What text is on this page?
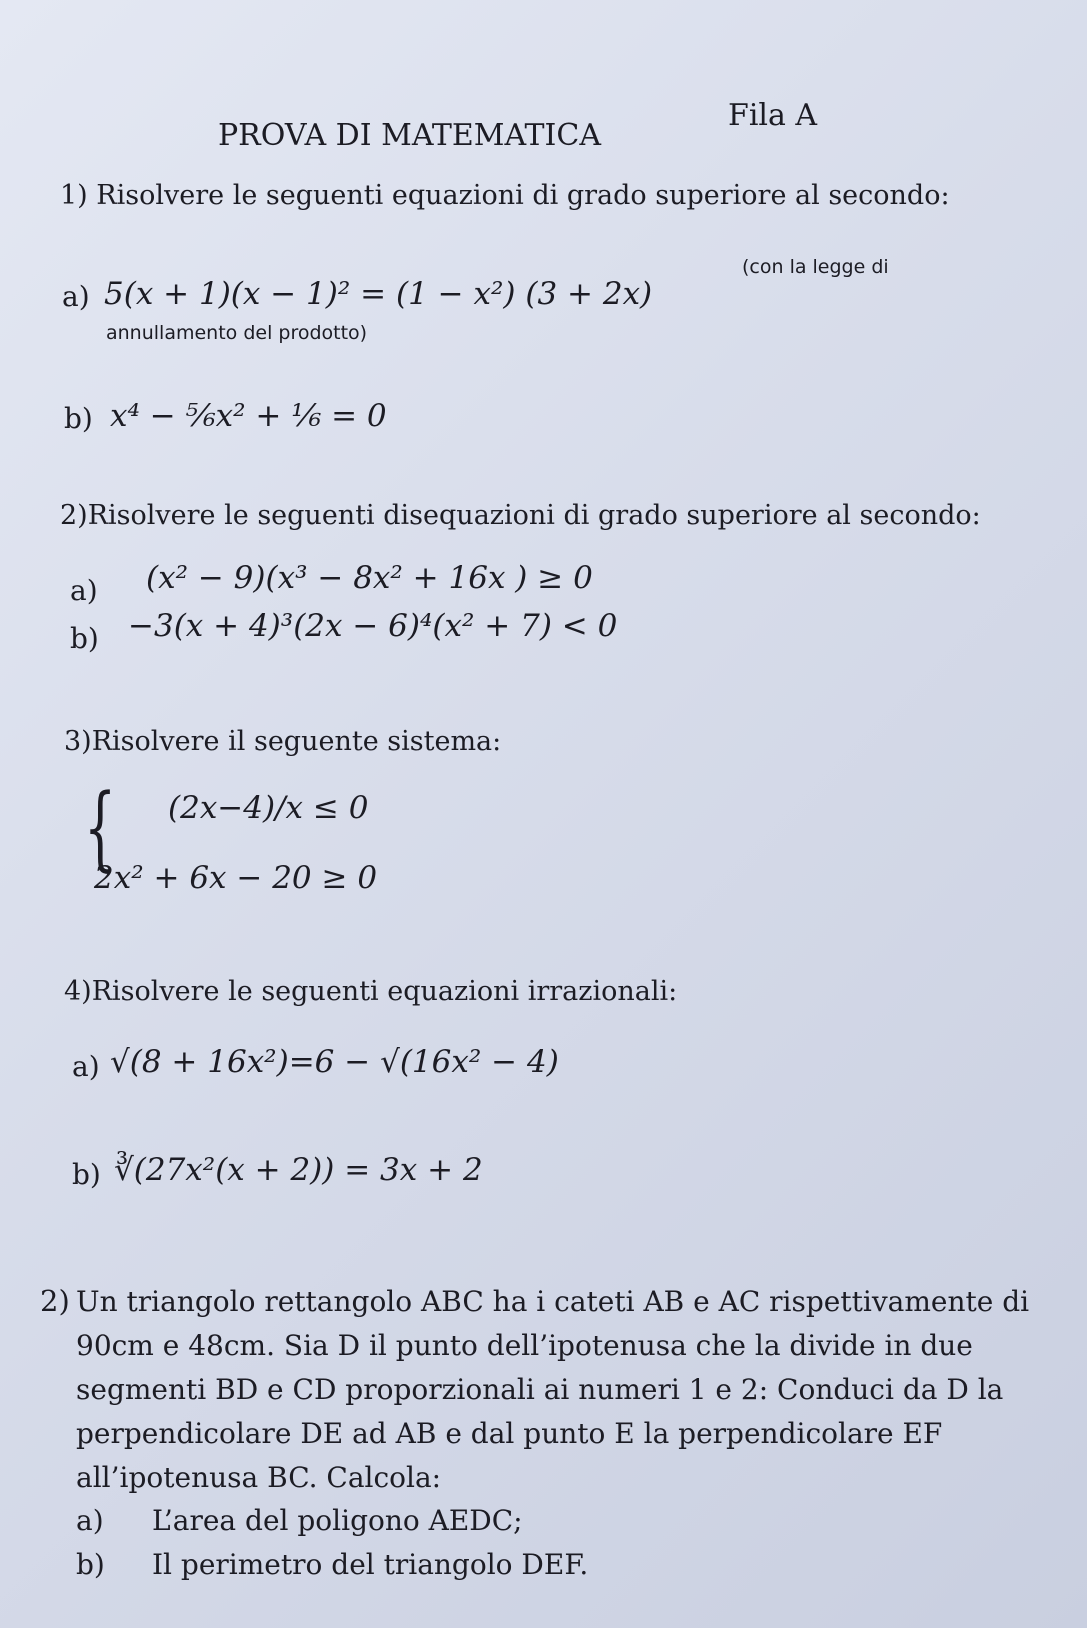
PROVA DI MATEMATICA
Fila A
1) Risolvere le seguenti equazioni di grado superiore al secondo:
a) 5(x + 1)(x − 1)² = (1 − x²) (3 + 2x)
(con la legge di
annullamento del prodotto)
b) x⁴ − ⁵⁄₆x² + ¹⁄₆ = 0
2)Risolvere le seguenti disequazioni di grado superiore al secondo:
a) (x² − 9)(x³ − 8x² + 16x ) ≥ 0
b) −3(x + 4)³(2x − 6)⁴(x² + 7) < 0
3)Risolvere il seguente sistema:
{ (2x−4)/x ≤ 0
2x² + 6x − 20 ≥ 0
4)Risolvere le seguenti equazioni irrazionali:
a) √(8 + 16x²)=6 − √(16x² − 4)
b) ∛(27x²(x + 2)) = 3x + 2
2) Un triangolo rettangolo ABC ha i cateti AB e AC rispettivamente di 90cm e 48cm. Sia D il punto dell’ipotenusa che la divide in due segmenti BD e CD proporzionali ai numeri 1 e 2: Conduci da D la perpendicolare DE ad AB e dal punto E la perpendicolare EF all’ipotenusa BC. Calcola:
a) L’area del poligono AEDC;
b) Il perimetro del triangolo DEF.
